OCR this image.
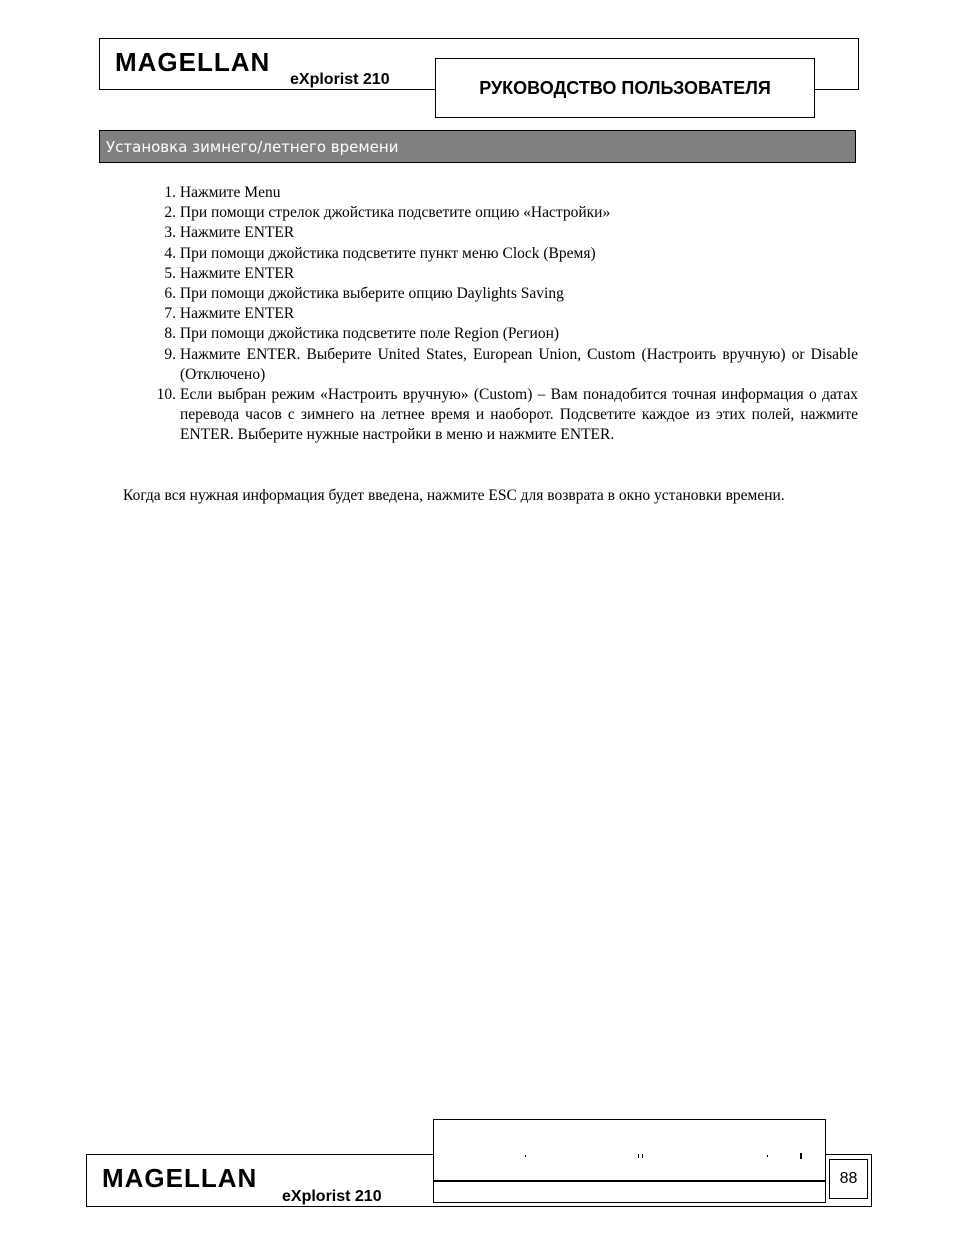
MAGELLAN
eXplorist 210	РУКОВОДСТВО ПОЛЬЗОВАТЕЛЯ
Установка зимнего/летнего времени
1. Нажмите Menu
2. При помощи стрелок джойстика подсветите опцию «Настройки»
3. Нажмите ENTER
4. При помощи джойстика подсветите пункт меню Clock (Время)
5. Нажмите ENTER
6. При помощи джойстика выберите опцию Daylights Saving
7. Нажмите ENTER
8. При помощи джойстика подсветите поле Region (Регион)
9. Нажмите ENTER. Выберите United States, European Union, Custom (Настроить вручную) or Disable (Отключено)
10. Если выбран режим «Настроить вручную» (Custom) – Вам понадобится точная информация о датах перевода часов с зимнего на летнее время и наоборот. Подсветите каждое из этих полей, нажмите ENTER. Выберите нужные настройки в меню и нажмите ENTER.

Когда вся нужная информация будет введена, нажмите ESC для возврата в окно установки времени.

MAGELLAN
eXplorist 210
88
